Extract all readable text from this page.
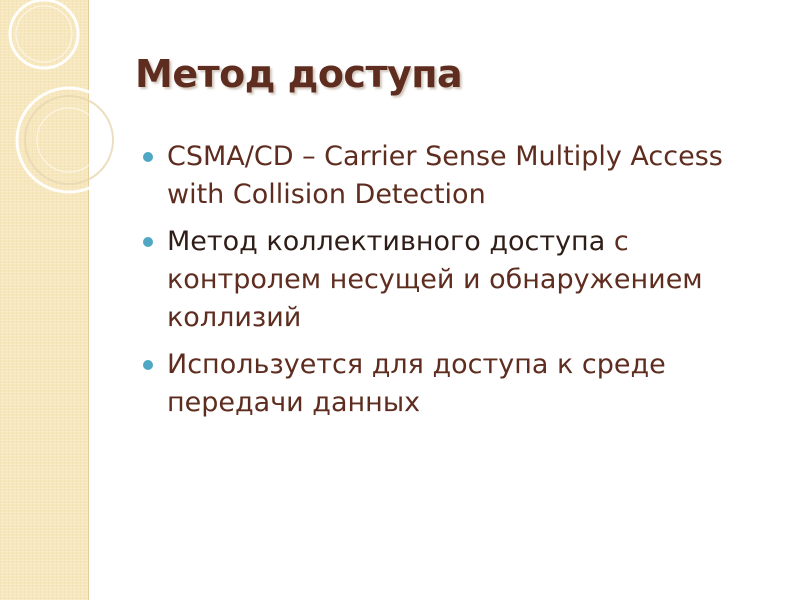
Метод доступа
CSMA/CD – Carrier Sense Multiply Access with Collision Detection
Метод коллективного доступа с контролем несущей и обнаружением коллизий
Используется для доступа к среде передачи данных
